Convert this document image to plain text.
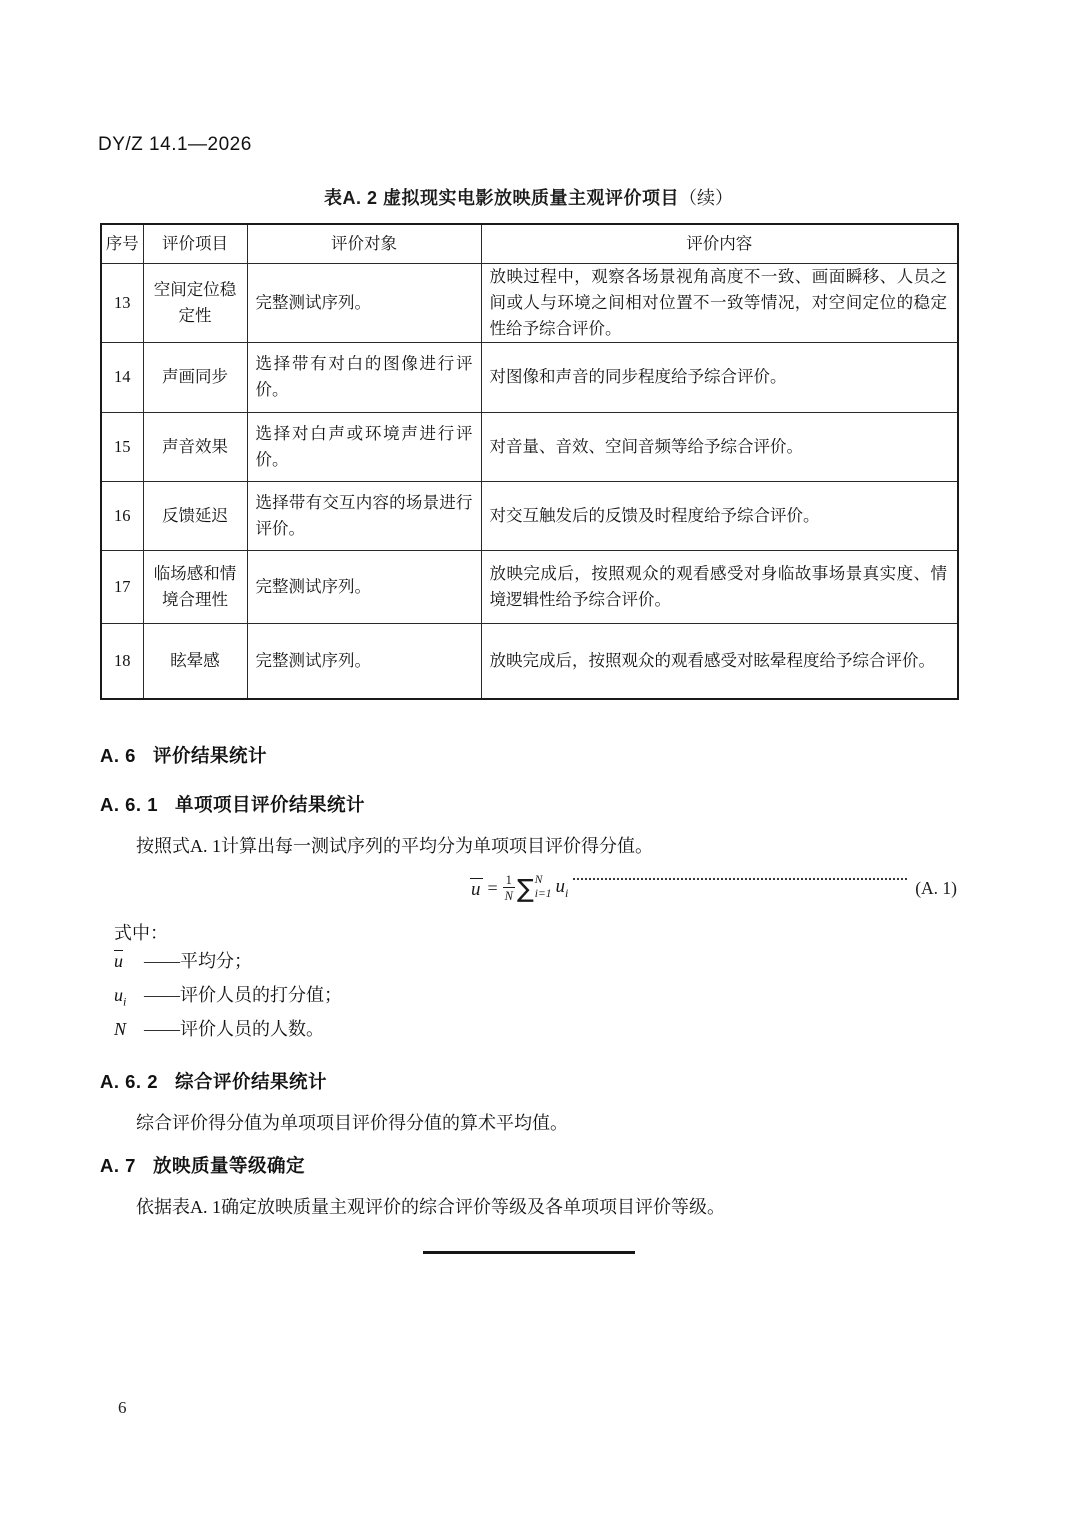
DY/Z 14.1—2026
表A. 2 虚拟现实电影放映质量主观评价项目（续）
序号	评价项目	评价对象	评价内容
13	空间定位稳定性	完整测试序列。	放映过程中，观察各场景视角高度不一致、画面瞬移、人员之间或人与环境之间相对位置不一致等情况，对空间定位的稳定性给予综合评价。
14	声画同步	选择带有对白的图像进行评价。	对图像和声音的同步程度给予综合评价。
15	声音效果	选择对白声或环境声进行评价。	对音量、音效、空间音频等给予综合评价。
16	反馈延迟	选择带有交互内容的场景进行评价。	对交互触发后的反馈及时程度给予综合评价。
17	临场感和情境合理性	完整测试序列。	放映完成后，按照观众的观看感受对身临故事场景真实度、情境逻辑性给予综合评价。
18	眩晕感	完整测试序列。	放映完成后，按照观众的观看感受对眩晕程度给予综合评价。
A. 6 评价结果统计
A. 6. 1 单项项目评价结果统计
按照式A. 1计算出每一测试序列的平均分为单项项目评价得分值。
$u = \frac{1}{N}$ ∑ N
i=1 $u_i$	(A. 1)
式中：
u	——平均分；
$u_i$ ——评价人员的打分值；
N ——评价人员的人数。
A. 6. 2 综合评价结果统计
综合评价得分值为单项项目评价得分值的算术平均值。
A. 7 放映质量等级确定
依据表A. 1确定放映质量主观评价的综合评价等级及各单项项目评价等级。
6
